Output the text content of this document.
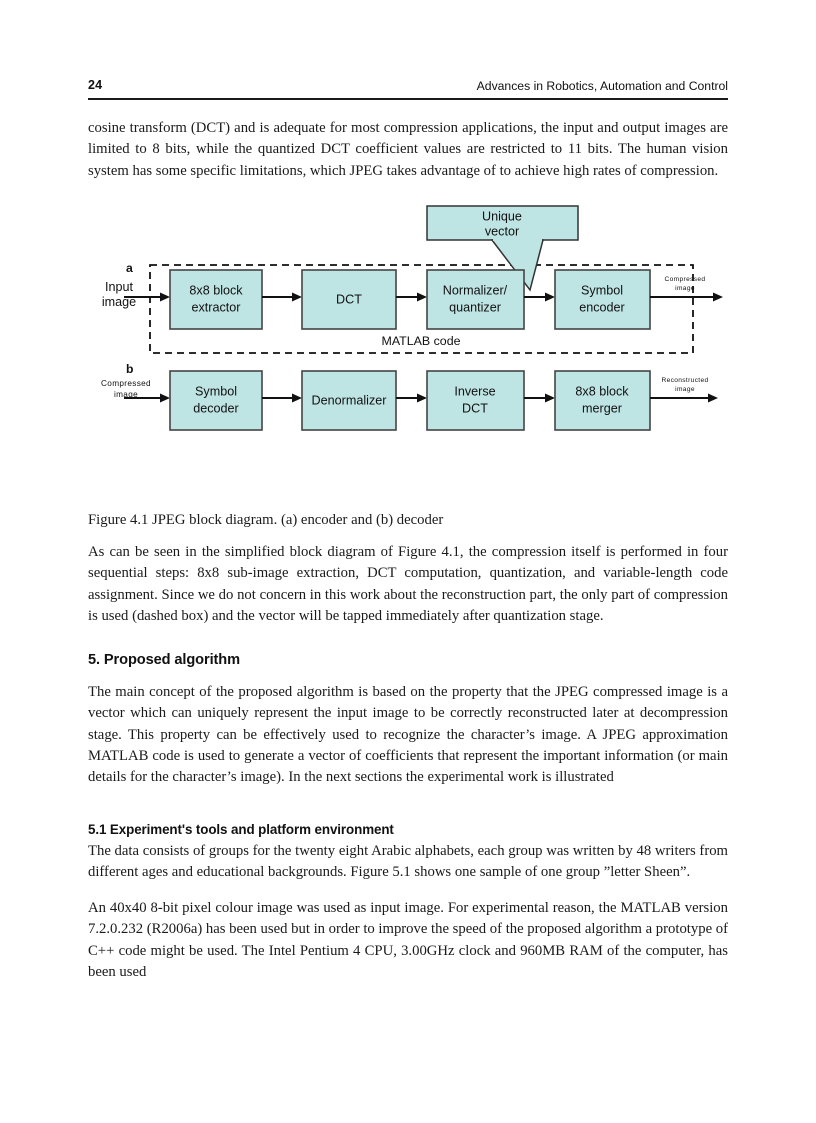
24	Advances in Robotics, Automation and Control

cosine transform (DCT) and is adequate for most compression applications, the input and output images are limited to 8 bits, while the quantized DCT coefficient values are restricted to 11 bits. The human vision system has some specific limitations, which JPEG takes advantage of to achieve high rates of compression.

Unique
vector
a
Input
image
8x8 block
extractor
DCT
Normalizer/
quantizer
Symbol
encoder
Compressed
image
MATLAB code
b
Compressed
image	Symbol
decoder
Denormalizer
Inverse
DCT
8x8 block
merger
Reconstructed
image
Figure 4.1 JPEG block diagram. (a) encoder and (b) decoder

As can be seen in the simplified block diagram of Figure 4.1, the compression itself is performed in four sequential steps: 8x8 sub-image extraction, DCT computation, quantization, and variable-length code assignment. Since we do not concern in this work about the reconstruction part, the only part of compression is used (dashed box) and the vector will be tapped immediately after quantization stage.

5. Proposed algorithm

The main concept of the proposed algorithm is based on the property that the JPEG compressed image is a vector which can uniquely represent the input image to be correctly reconstructed later at decompression stage. This property can be effectively used to recognize the character’s image. A JPEG approximation MATLAB code is used to generate a vector of coefficients that represent the important information (or main details for the character’s image). In the next sections the experimental work is illustrated

5.1 Experiment's tools and platform environment

The data consists of groups for the twenty eight Arabic alphabets, each group was written by 48 writers from different ages and educational backgrounds. Figure 5.1 shows one sample of one group ”letter Sheen”.

An 40x40 8-bit pixel colour image was used as input image. For experimental reason, the MATLAB version 7.2.0.232 (R2006a) has been used but in order to improve the speed of the proposed algorithm a prototype of C++ code might be used. The Intel Pentium 4 CPU, 3.00GHz clock and 960MB RAM of the computer, has been used
